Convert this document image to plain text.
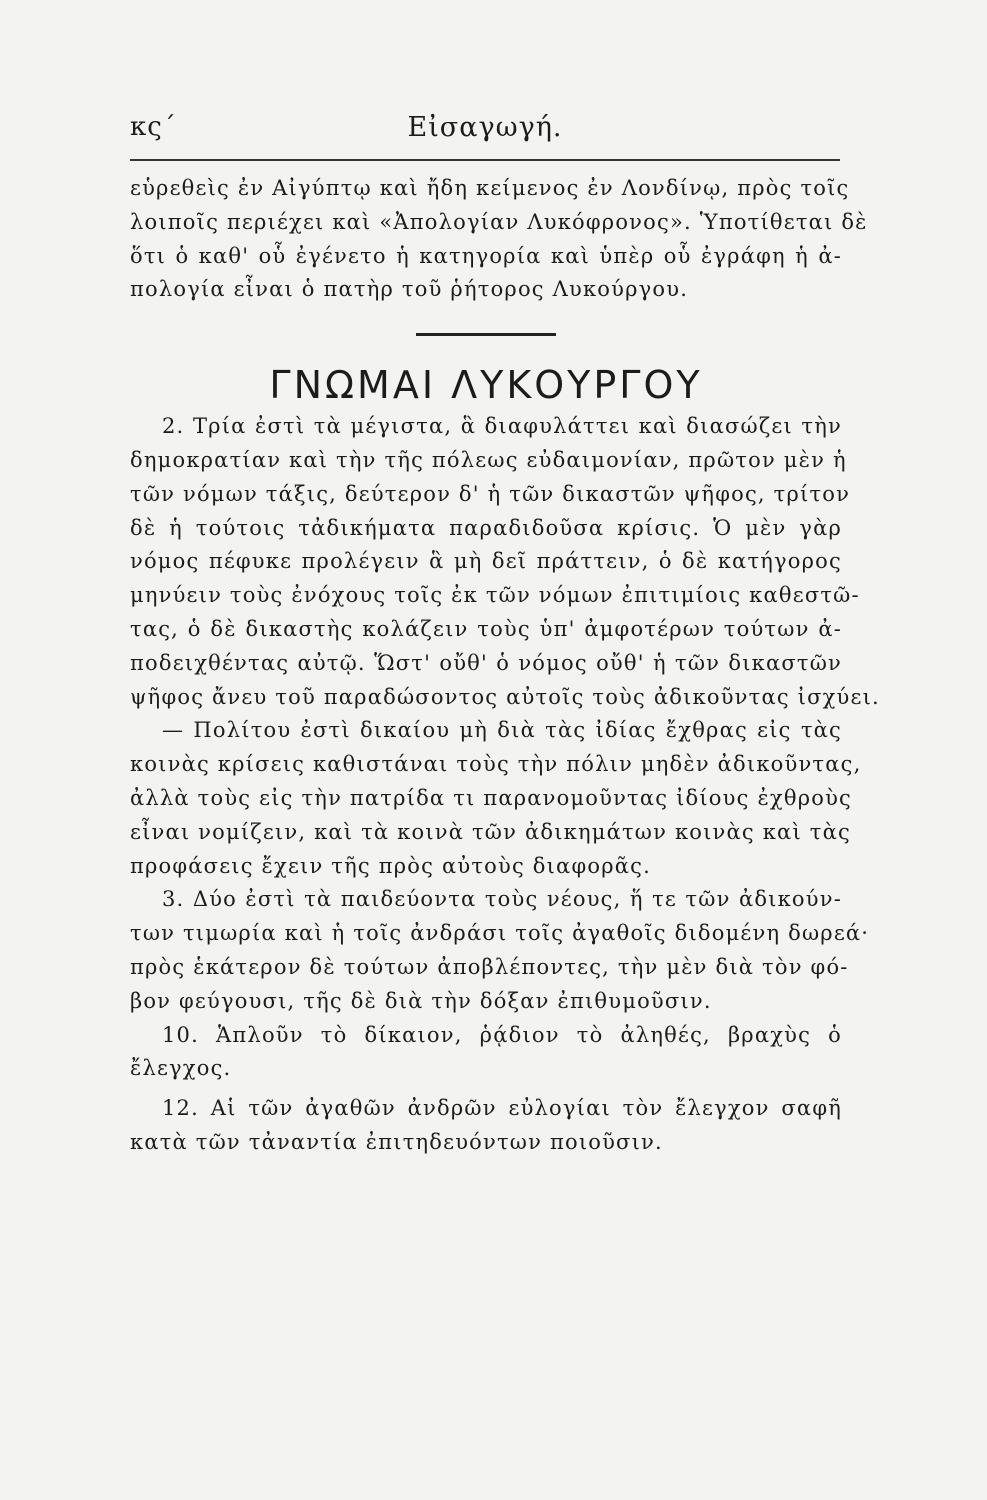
κς΄	Εἰσαγωγή.
εὑρεθεὶς ἐν Αἰγύπτῳ καὶ ἤδη κείμενος ἐν Λονδίνῳ, πρὸς τοῖς
λοιποῖς περιέχει καὶ «Ἀπολογίαν Λυκόφρονος». Ὑποτίθεται δὲ
ὅτι ὁ καθ' οὗ ἐγένετο ἡ κατηγορία καὶ ὑπὲρ οὗ ἐγράφη ἡ ἀ-
πολογία εἶναι ὁ πατὴρ τοῦ ῥήτορος Λυκούργου.
ΓΝΩΜΑΙ ΛΥΚΟΥΡΓΟΥ
2. Τρία ἐστὶ τὰ μέγιστα, ἃ διαφυλάττει καὶ διασώζει τὴν
δημοκρατίαν καὶ τὴν τῆς πόλεως εὐδαιμονίαν, πρῶτον μὲν ἡ
τῶν νόμων τάξις, δεύτερον δ' ἡ τῶν δικαστῶν ψῆφος, τρίτον
δὲ ἡ τούτοις τἀδικήματα παραδιδοῦσα κρίσις. Ὁ μὲν γὰρ
νόμος πέφυκε προλέγειν ἃ μὴ δεῖ πράττειν, ὁ δὲ κατήγορος
μηνύειν τοὺς ἐνόχους τοῖς ἐκ τῶν νόμων ἐπιτιμίοις καθεστῶ-
τας, ὁ δὲ δικαστὴς κολάζειν τοὺς ὑπ' ἀμφοτέρων τούτων ἀ-
ποδειχθέντας αὐτῷ. Ὥστ' οὔθ' ὁ νόμος οὔθ' ἡ τῶν δικαστῶν
ψῆφος ἄνευ τοῦ παραδώσοντος αὐτοῖς τοὺς ἀδικοῦντας ἰσχύει.
— Πολίτου ἐστὶ δικαίου μὴ διὰ τὰς ἰδίας ἔχθρας εἰς τὰς
κοινὰς κρίσεις καθιστάναι τοὺς τὴν πόλιν μηδὲν ἀδικοῦντας,
ἀλλὰ τοὺς εἰς τὴν πατρίδα τι παρανομοῦντας ἰδίους ἐχθροὺς
εἶναι νομίζειν, καὶ τὰ κοινὰ τῶν ἀδικημάτων κοινὰς καὶ τὰς
προφάσεις ἔχειν τῆς πρὸς αὐτοὺς διαφορᾶς.
3. Δύο ἐστὶ τὰ παιδεύοντα τοὺς νέους, ἥ τε τῶν ἀδικούν-
των τιμωρία καὶ ἡ τοῖς ἀνδράσι τοῖς ἀγαθοῖς διδομένη δωρεά·
πρὸς ἑκάτερον δὲ τούτων ἀποβλέποντες, τὴν μὲν διὰ τὸν φό-
βον φεύγουσι, τῆς δὲ διὰ τὴν δόξαν ἐπιθυμοῦσιν.
10. Ἁπλοῦν τὸ δίκαιον, ῥᾴδιον τὸ ἀληθές, βραχὺς ὁ
ἔλεγχος.
12. Αἱ τῶν ἀγαθῶν ἀνδρῶν εὐλογίαι τὸν ἔλεγχον σαφῆ
κατὰ τῶν τἀναντία ἐπιτηδευόντων ποιοῦσιν.
